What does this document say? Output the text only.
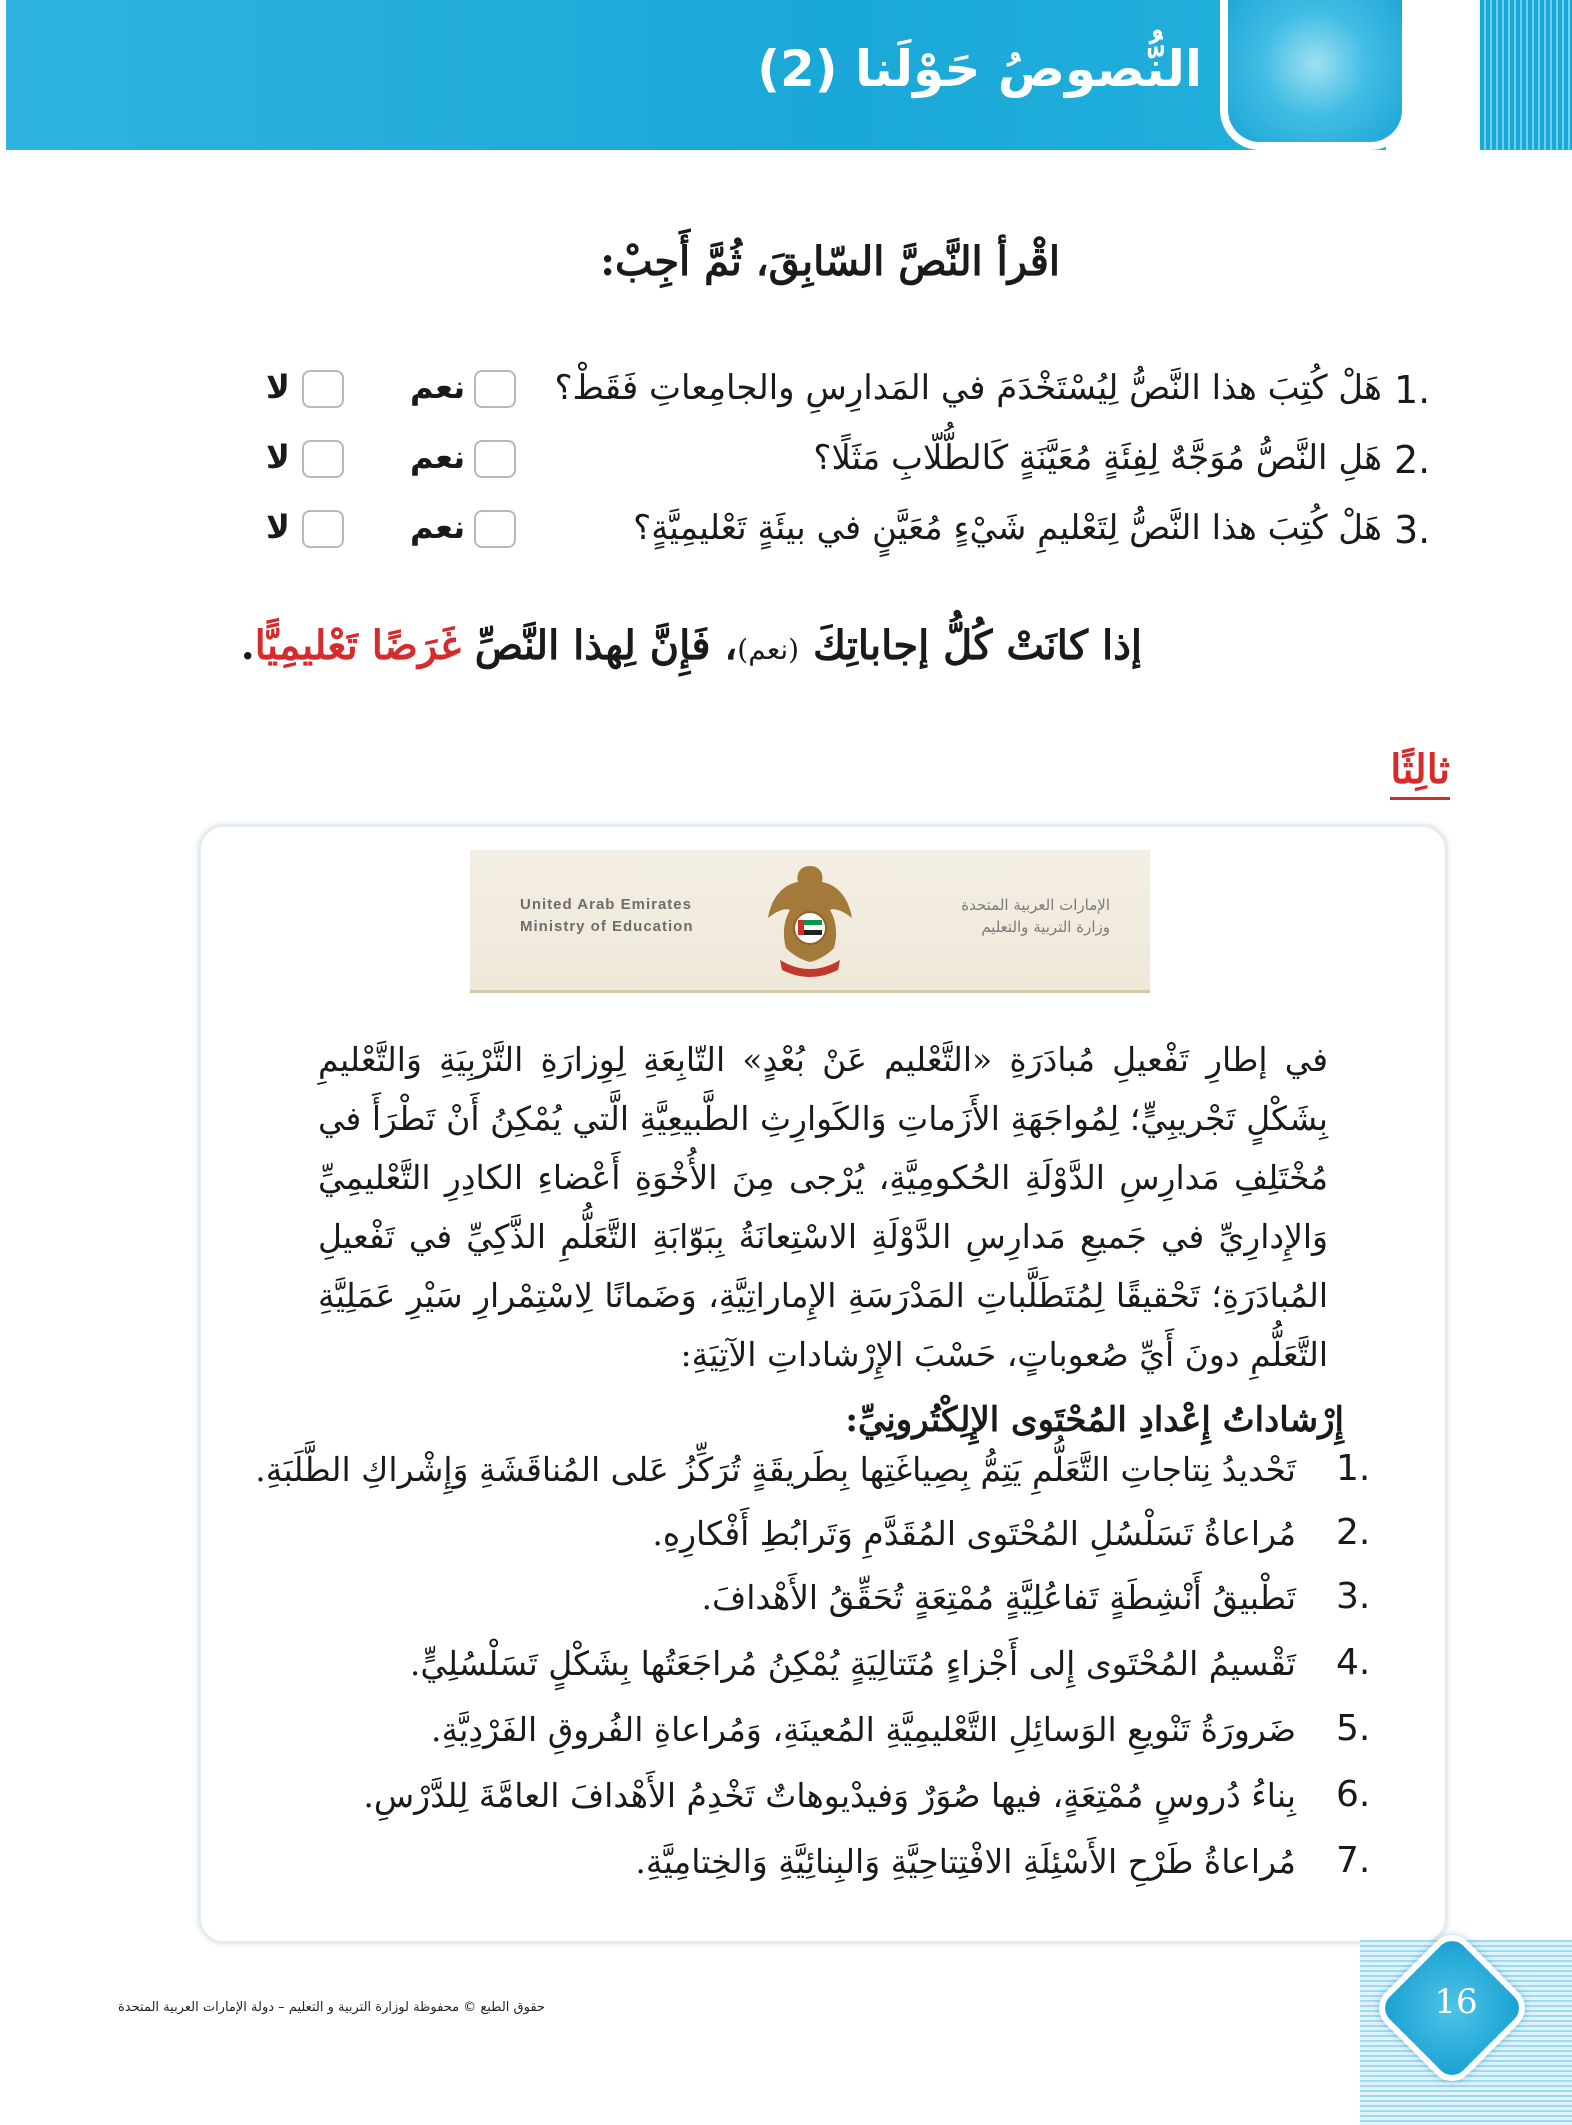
النُّصوصُ حَوْلَنا (2)
اقْرأ النَّصَّ السّابِقَ، ثُمَّ أَجِبْ:
1.
هَلْ كُتِبَ هذا النَّصُّ لِيُسْتَخْدَمَ في المَدارِسِ والجامِعاتِ فَقَطْ؟
نعم
لا
2.
هَلِ النَّصُّ مُوَجَّهٌ لِفِئَةٍ مُعَيَّنَةٍ كَالطُّلّابِ مَثَلًا؟
نعم
لا
3.
هَلْ كُتِبَ هذا النَّصُّ لِتَعْليمِ شَيْءٍ مُعَيَّنٍ في بيئَةٍ تَعْليمِيَّةٍ؟
نعم
لا
إذا كانَتْ كُلُّ إجاباتِكَ (نعم)، فَإِنَّ لِهذا النَّصِّ غَرَضًا تَعْليمِيًّا.
ثالِثًا
United Arab Emirates
Ministry of Education
الإمارات العربية المتحدة
وزارة التربية والتعليم
في إطارِ تَفْعيلِ مُبادَرَةِ «التَّعْليم عَنْ بُعْدٍ» التّابِعَةِ لِوِزارَةِ التَّرْبِيَةِ وَالتَّعْليمِ بِشَكْلٍ تَجْريبِيٍّ؛ لِمُواجَهَةِ الأَزَماتِ وَالكَوارِثِ الطَّبيعِيَّةِ الَّتي يُمْكِنُ أَنْ تَطْرَأَ في مُخْتَلِفِ مَدارِسِ الدَّوْلَةِ الحُكومِيَّةِ، يُرْجى مِنَ الأُخْوَةِ أَعْضاءِ الكادِرِ التَّعْليمِيِّ وَالإِدارِيِّ في جَميعِ مَدارِسِ الدَّوْلَةِ الاسْتِعانَةُ بِبَوّابَةِ التَّعَلُّمِ الذَّكِيِّ في تَفْعيلِ المُبادَرَةِ؛ تَحْقيقًا لِمُتَطَلَّباتِ المَدْرَسَةِ الإِماراتِيَّةِ، وَضَمانًا لِاسْتِمْرارِ سَيْرِ عَمَلِيَّةِ التَّعَلُّمِ دونَ أَيِّ صُعوباتٍ، حَسْبَ الإِرْشاداتِ الآتِيَةِ:
إِرْشاداتُ إِعْدادِ المُحْتَوى الإِلِكْتُرونِيِّ:
1.
تَحْديدُ نِتاجاتِ التَّعَلُّمِ يَتِمُّ بِصِياغَتِها بِطَريقَةٍ تُرَكِّزُ عَلى المُناقَشَةِ وَإِشْراكِ الطَّلَبَةِ.
2.
مُراعاةُ تَسَلْسُلِ المُحْتَوى المُقَدَّمِ وَتَرابُطِ أَفْكارِهِ.
3.
تَطْبيقُ أَنْشِطَةٍ تَفاعُلِيَّةٍ مُمْتِعَةٍ تُحَقِّقُ الأَهْدافَ.
4.
تَقْسيمُ المُحْتَوى إِلى أَجْزاءٍ مُتَتالِيَةٍ يُمْكِنُ مُراجَعَتُها بِشَكْلٍ تَسَلْسُلِيٍّ.
5.
ضَرورَةُ تَنْويعِ الوَسائِلِ التَّعْليمِيَّةِ المُعينَةِ، وَمُراعاةِ الفُروقِ الفَرْدِيَّةِ.
6.
بِناءُ دُروسٍ مُمْتِعَةٍ، فيها صُوَرٌ وَفيدْيوهاتٌ تَخْدِمُ الأَهْدافَ العامَّةَ لِلدَّرْسِ.
7.
مُراعاةُ طَرْحِ الأَسْئِلَةِ الافْتِتاحِيَّةِ وَالبِنائِيَّةِ وَالخِتامِيَّةِ.
حقوق الطبع © محفوظة لوزارة التربية و التعليم – دولة الإمارات العربية المتحدة	16
